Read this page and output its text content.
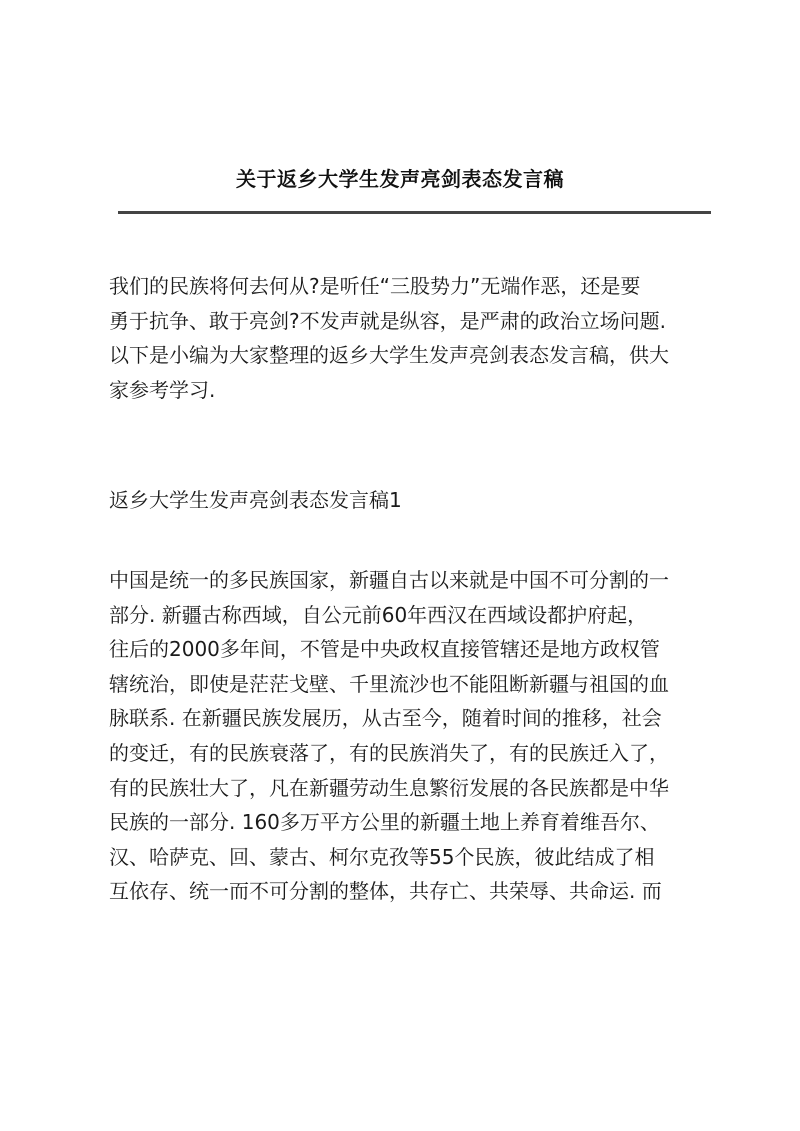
关于返乡大学生发声亮剑表态发言稿
我们的民族将何去何从?是听任“三股势力”无端作恶，还是要
勇于抗争、敢于亮剑?不发声就是纵容，是严肃的政治立场问题.
以下是小编为大家整理的返乡大学生发声亮剑表态发言稿，供大
家参考学习.
返乡大学生发声亮剑表态发言稿1
中国是统一的多民族国家，新疆自古以来就是中国不可分割的一
部分. 新疆古称西域，自公元前60年西汉在西域设都护府起，
往后的2000多年间，不管是中央政权直接管辖还是地方政权管
辖统治，即使是茫茫戈壁、千里流沙也不能阻断新疆与祖国的血
脉联系. 在新疆民族发展历，从古至今，随着时间的推移，社会
的变迁，有的民族衰落了，有的民族消失了，有的民族迁入了，
有的民族壮大了，凡在新疆劳动生息繁衍发展的各民族都是中华
民族的一部分. 160多万平方公里的新疆土地上养育着维吾尔、
汉、哈萨克、回、蒙古、柯尔克孜等55个民族，彼此结成了相
互依存、统一而不可分割的整体，共存亡、共荣辱、共命运. 而
